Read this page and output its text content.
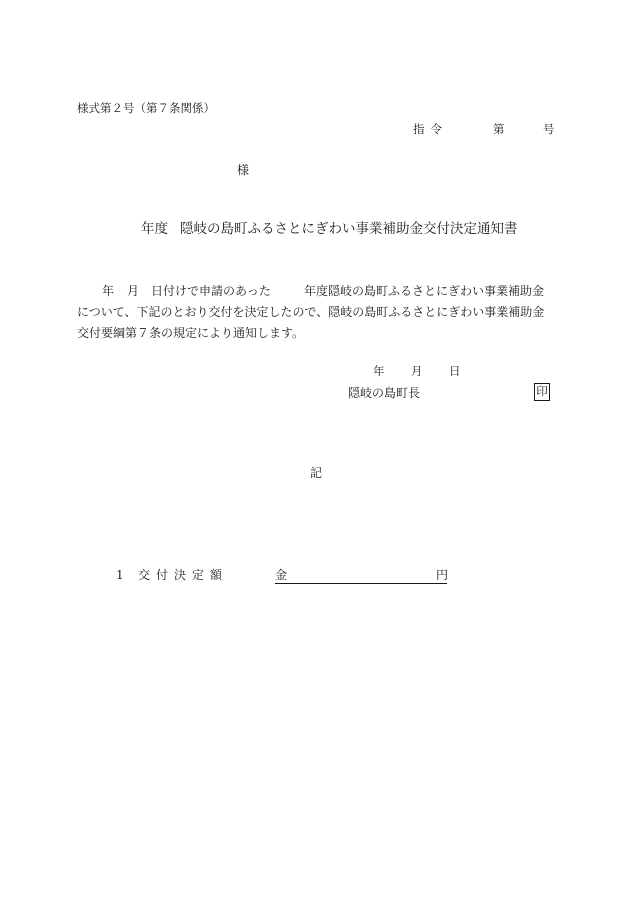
様式第２号（第７条関係）
指令	第	号
様
年度 隠岐の島町ふるさとにぎわい事業補助金交付決定通知書
年 月 日付けで申請のあった	年度隠岐の島町ふるさとにぎわい事業補助金
について、下記のとおり交付を決定したので、隠岐の島町ふるさとにぎわい事業補助金
交付要綱第７条の規定により通知します。
年 月 日
隠岐の島町長	印
記
1 交付決定額	金	円
